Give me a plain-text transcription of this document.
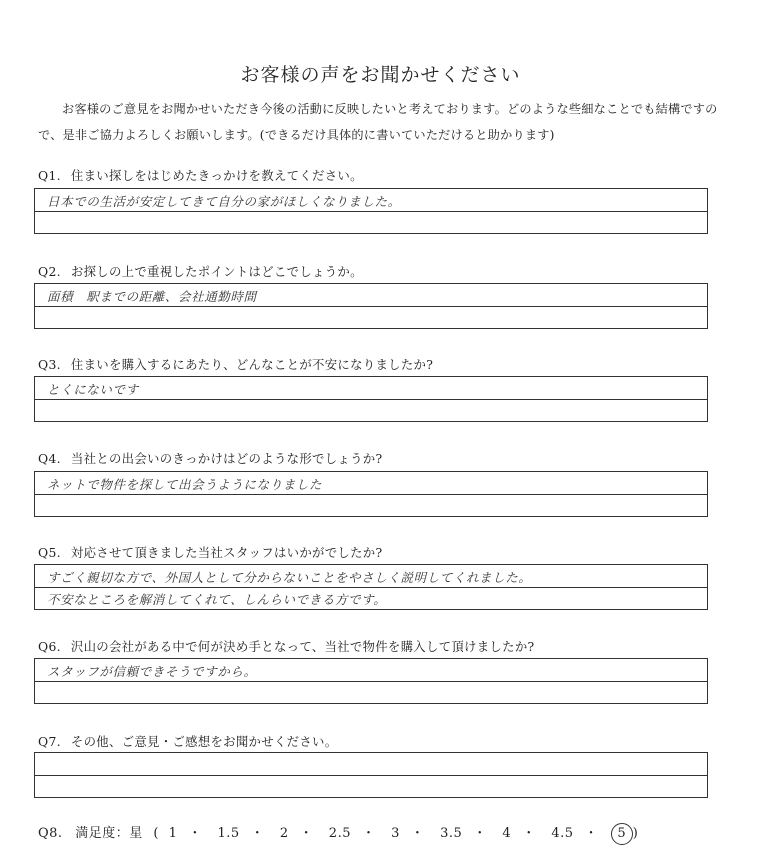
お客様の声をお聞かせください
お客様のご意見をお聞かせいただき今後の活動に反映したいと考えております。どのような些細なことでも結構ですので、是非ご協力よろしくお願いします。(できるだけ具体的に書いていただけると助かります)
Q1. 住まい探しをはじめたきっかけを教えてください。
日本での生活が安定してきて自分の家がほしくなりました。
Q2. お探しの上で重視したポイントはどこでしょうか。
面積　駅までの距離、会社通勤時間
Q3. 住まいを購入するにあたり、どんなことが不安になりましたか?
とくにないです
Q4. 当社との出会いのきっかけはどのような形でしょうか?
ネットで物件を探して出会うようになりました
Q5. 対応させて頂きました当社スタッフはいかがでしたか?
すごく親切な方で、外国人として分からないことをやさしく説明してくれました。
不安なところを解消してくれて、しんらいできる方です。
Q6. 沢山の会社がある中で何が決め手となって、当社で物件を購入して頂けましたか?
スタッフが信頼できそうですから。
Q7. その他、ご意見・ご感想をお聞かせください。
Q8. 満足度：星 ( 1 ・ 1.5 ・ 2 ・ 2.5 ・ 3 ・ 3.5 ・ 4 ・ 4.5 ・ 5 )
